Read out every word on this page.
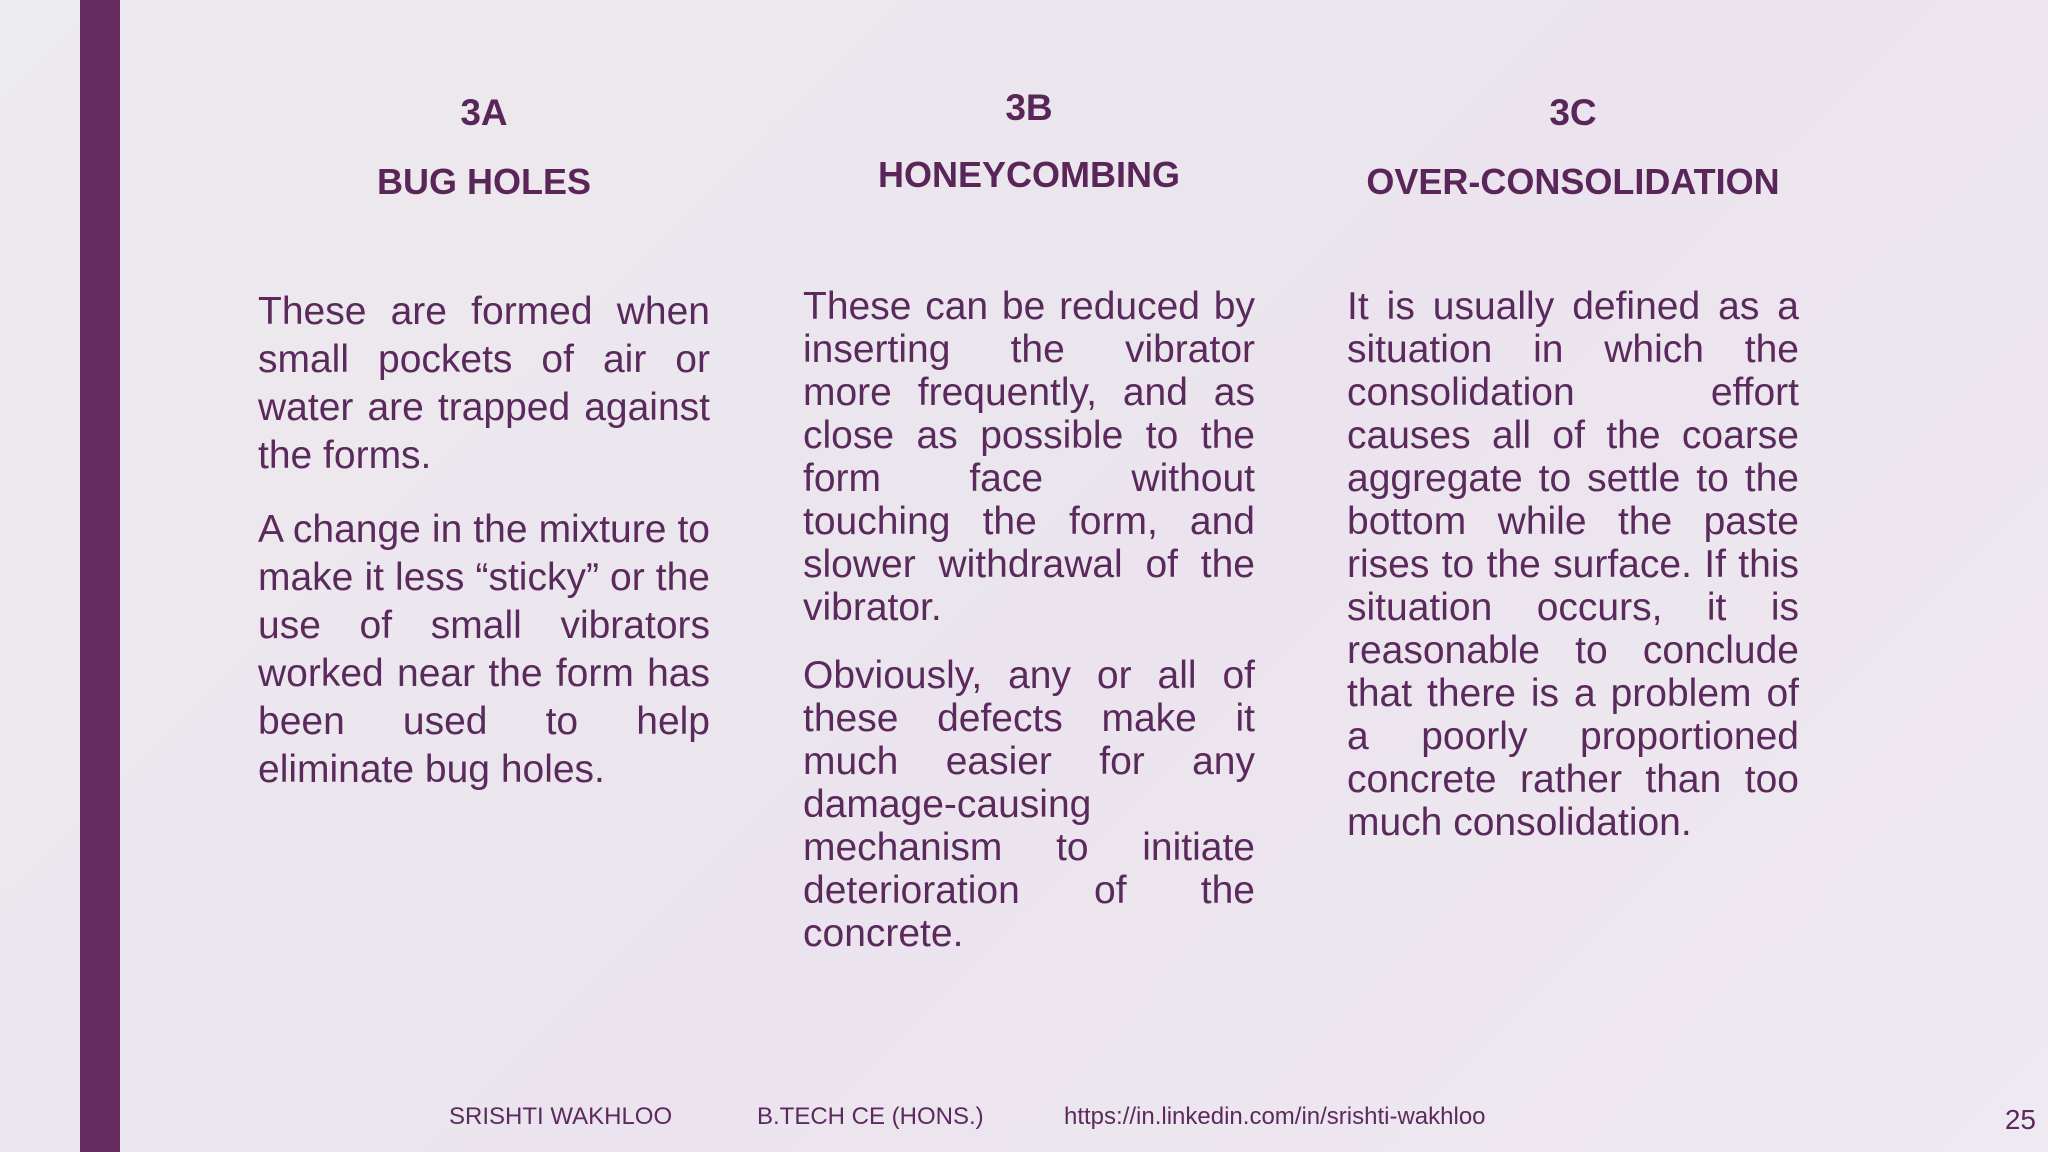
3A
BUG HOLES

These are formed when small pockets of air or water are trapped against the forms.

A change in the mixture to make it less “sticky” or the use of small vibrators worked near the form has been used to help eliminate bug holes.

3B
HONEYCOMBING

These can be reduced by inserting the vibrator more frequently, and as close as possible to the form face without touching the form, and slower withdrawal of the vibrator.

Obviously, any or all of these defects make it much easier for any damage-causing mechanism to initiate deterioration of the concrete.

3C
OVER-CONSOLIDATION

It is usually defined as a situation in which the consolidation effort causes all of the coarse aggregate to settle to the bottom while the paste rises to the surface. If this situation occurs, it is reasonable to conclude that there is a problem of a poorly proportioned concrete rather than too much consolidation.

SRISHTI WAKHLOO	B.TECH CE (HONS.)	https://in.linkedin.com/in/srishti-wakhloo	25
